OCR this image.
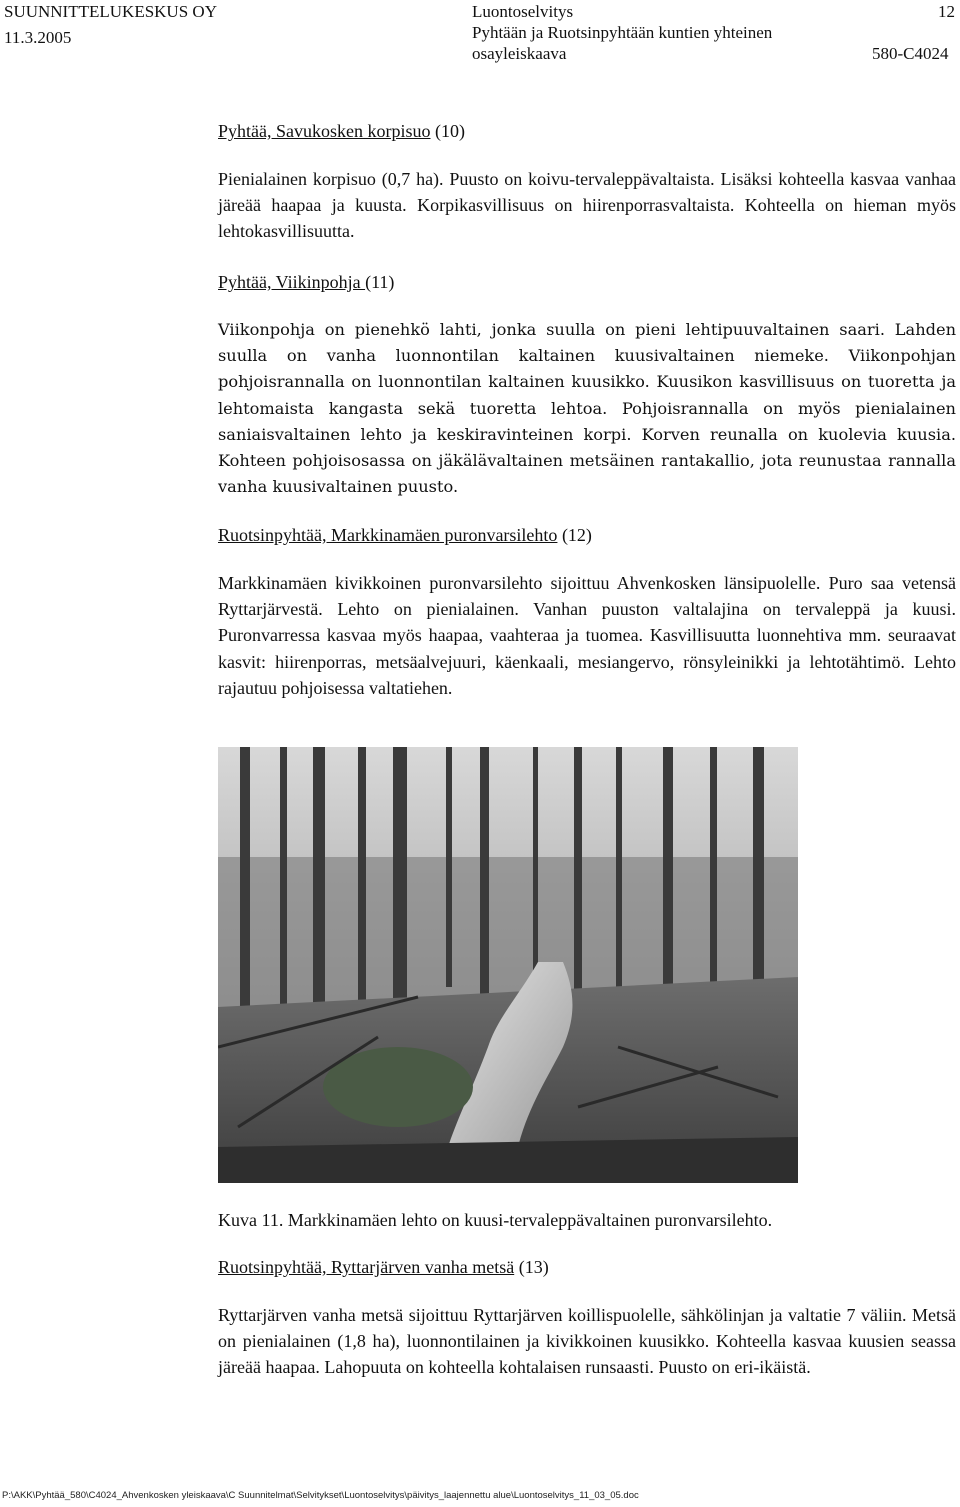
SUUNNITTELUKESKUS OY
11.3.2005
Luontoselvitys
Pyhtään ja Ruotsinpyhtään kuntien yhteinen
osayleiskaava
12
580-C4024

Pyhtää, Savukosken korpisuo (10)

Pienialainen korpisuo (0,7 ha). Puusto on koivu-tervaleppävaltaista. Lisäksi kohteella kasvaa vanhaa järeää haapaa ja kuusta. Korpikasvillisuus on hiirenporrasvaltaista. Kohteella on hieman myös lehtokasvillisuutta.

Pyhtää, Viikinpohja (11)

Viikonpohja on pienehkö lahti, jonka suulla on pieni lehtipuuvaltainen saari. Lahden suulla on vanha luonnontilan kaltainen kuusivaltainen niemeke. Viikonpohjan pohjoisrannalla on luonnontilan kaltainen kuusikko. Kuusikon kasvillisuus on tuoretta ja lehtomaista kangasta sekä tuoretta lehtoa. Pohjoisrannalla on myös pienialainen saniaisvaltainen lehto ja keskiravinteinen korpi. Korven reunalla on kuolevia kuusia. Kohteen pohjoisosassa on jäkälävaltainen metsäinen rantakallio, jota reunustaa rannalla vanha kuusivaltainen puusto.

Ruotsinpyhtää, Markkinamäen puronvarsilehto (12)

Markkinamäen kivikkoinen puronvarsilehto sijoittuu Ahvenkosken länsipuolelle. Puro saa vetensä Ryttarjärvestä. Lehto on pienialainen. Vanhan puuston valtalajina on tervaleppä ja kuusi. Puronvarressa kasvaa myös haapaa, vaahteraa ja tuomea. Kasvillisuutta luonnehtiva mm. seuraavat kasvit: hiirenporras, metsäalvejuuri, käenkaali, mesiangervo, rönsyleinikki ja lehtotähtimö. Lehto rajautuu pohjoisessa valtatiehen.

Kuva 11. Markkinamäen lehto on kuusi-tervaleppävaltainen puronvarsilehto.

Ruotsinpyhtää, Ryttarjärven vanha metsä (13)

Ryttarjärven vanha metsä sijoittuu Ryttarjärven koillispuolelle, sähkölinjan ja valtatie 7 väliin. Metsä on pienialainen (1,8 ha), luonnontilainen ja kivikkoinen kuusikko. Kohteella kasvaa kuusien seassa järeää haapaa. Lahopuuta on kohteella kohtalaisen runsaasti. Puusto on eri-ikäistä.

P:\AKK\Pyhtää_580\C4024_Ahvenkosken yleiskaava\C Suunnitelmat\Selvitykset\Luontoselvitys\päivitys_laajennettu alue\Luontoselvitys_11_03_05.doc
